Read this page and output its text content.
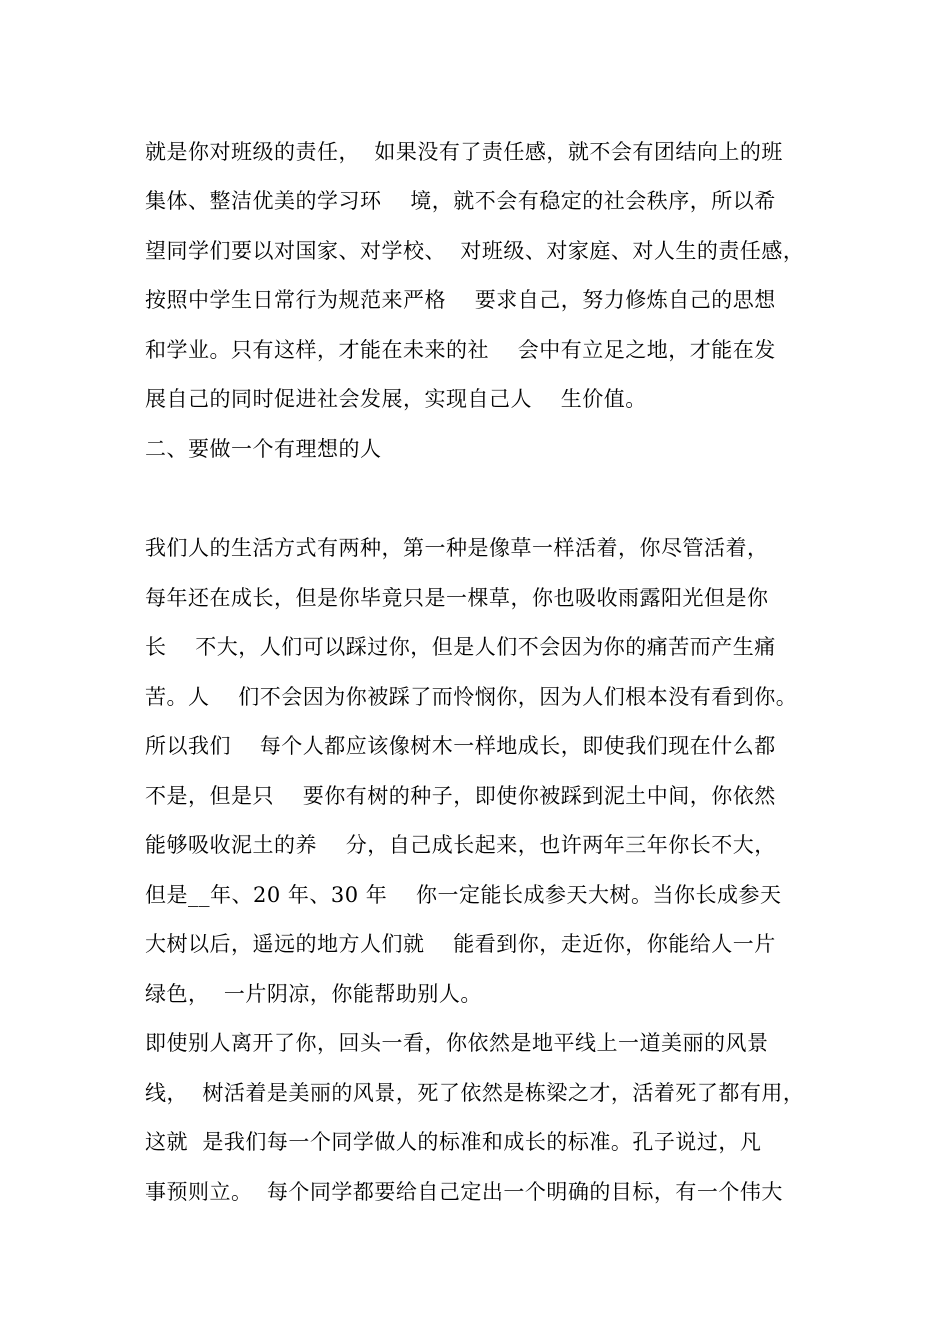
就是你对班级的责任，  如果没有了责任感，就不会有团结向上的班
集体、整洁优美的学习环    境，就不会有稳定的社会秩序，所以希
望同学们要以对国家、对学校、  对班级、对家庭、对人生的责任感，
按照中学生日常行为规范来严格    要求自己，努力修炼自己的思想
和学业。只有这样，才能在未来的社    会中有立足之地，才能在发
展自己的同时促进社会发展，实现自己人    生价值。
二、要做一个有理想的人
我们人的生活方式有两种，第一种是像草一样活着，你尽管活着，
每年还在成长，但是你毕竟只是一棵草，你也吸收雨露阳光但是你
长    不大，人们可以踩过你，但是人们不会因为你的痛苦而产生痛
苦。人    们不会因为你被踩了而怜悯你，因为人们根本没有看到你。
所以我们    每个人都应该像树木一样地成长，即使我们现在什么都
不是，但是只    要你有树的种子，即使你被踩到泥土中间，你依然
能够吸收泥土的养    分，自己成长起来，也许两年三年你长不大，
但是__年、20 年、30 年    你一定能长成参天大树。当你长成参天
大树以后，遥远的地方人们就    能看到你，走近你，你能给人一片
绿色，  一片阴凉，你能帮助别人。
即使别人离开了你，回头一看，你依然是地平线上一道美丽的风景
线，  树活着是美丽的风景，死了依然是栋梁之才，活着死了都有用，
这就  是我们每一个同学做人的标准和成长的标准。孔子说过，凡
事预则立。  每个同学都要给自己定出一个明确的目标，有一个伟大
